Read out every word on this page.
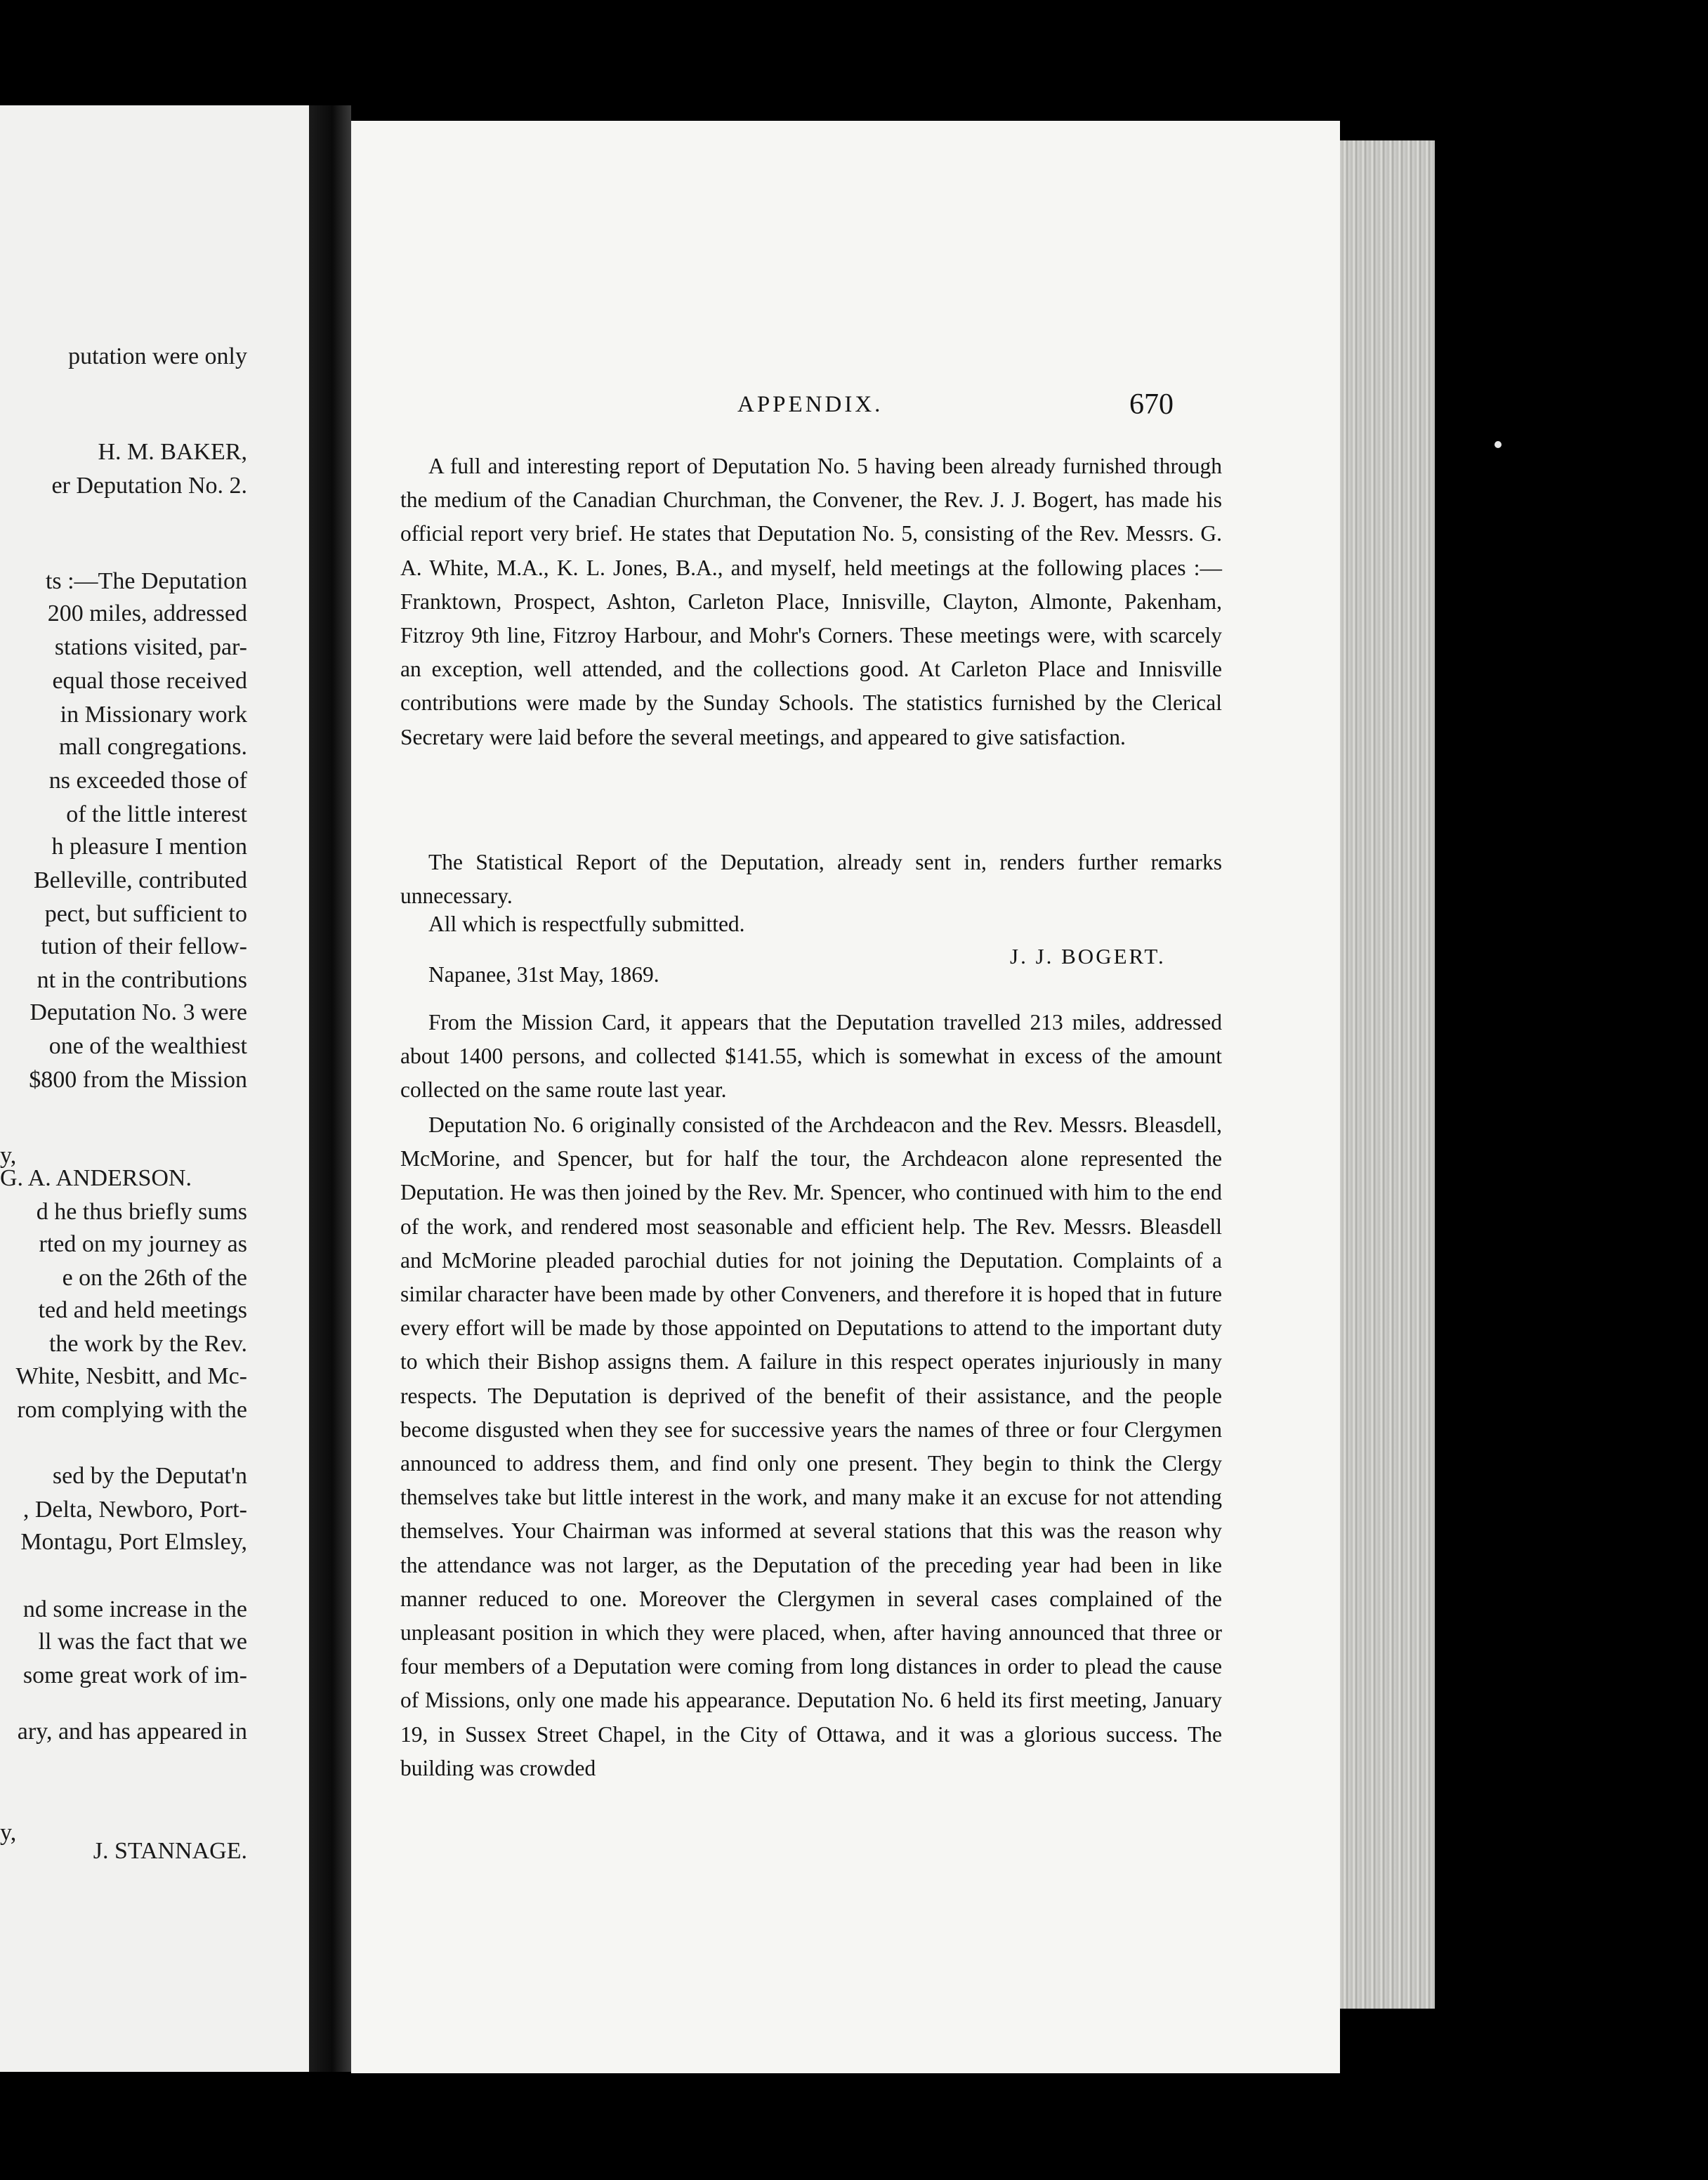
putation were only
H. M. BAKER,
er Deputation No. 2.
ts :—The Deputation
200 miles, addressed
stations visited, par-
equal those received
in Missionary work
mall congregations.
ns exceeded those of
of the little interest
h pleasure I mention
Belleville, contributed
pect, but sufficient to
tution of their fellow-
nt in the contributions
Deputation No. 3 were
one of the wealthiest
$800 from the Mission
y,
G. A. ANDERSON.
d he thus briefly sums
rted on my journey as
e on the 26th of the
ted and held meetings
the work by the Rev.
White, Nesbitt, and Mc-
rom complying with the
sed by the Deputat'n
, Delta, Newboro, Port-
Montagu, Port Elmsley,
nd some increase in the
ll was the fact that we
some great work of im-
ary, and has appeared in
y,
J. STANNAGE.
APPENDIX.	670

A full and interesting report of Deputation No. 5 having been already furnished through the medium of the Canadian Churchman, the Convener, the Rev. J. J. Bogert, has made his official report very brief. He states that Deputation No. 5, consisting of the Rev. Messrs. G. A. White, M.A., K. L. Jones, B.A., and myself, held meetings at the following places :— Franktown, Prospect, Ashton, Carleton Place, Innisville, Clayton, Almonte, Pakenham, Fitzroy 9th line, Fitzroy Harbour, and Mohr's Corners. These meetings were, with scarcely an exception, well attended, and the collections good. At Carleton Place and Innisville contributions were made by the Sunday Schools. The statistics furnished by the Clerical Secretary were laid before the several meetings, and appeared to give satisfaction.

The Statistical Report of the Deputation, already sent in, renders further remarks unnecessary.

All which is respectfully submitted.
J. J. BOGERT.
Napanee, 31st May, 1869.

From the Mission Card, it appears that the Deputation travelled 213 miles, addressed about 1400 persons, and collected $141.55, which is somewhat in excess of the amount collected on the same route last year.

Deputation No. 6 originally consisted of the Archdeacon and the Rev. Messrs. Bleasdell, McMorine, and Spencer, but for half the tour, the Archdeacon alone represented the Deputation. He was then joined by the Rev. Mr. Spencer, who continued with him to the end of the work, and rendered most seasonable and efficient help. The Rev. Messrs. Bleasdell and McMorine pleaded parochial duties for not joining the Deputation. Complaints of a similar character have been made by other Conveners, and therefore it is hoped that in future every effort will be made by those appointed on Deputations to attend to the important duty to which their Bishop assigns them. A failure in this respect operates injuriously in many respects. The Deputation is deprived of the benefit of their assistance, and the people become disgusted when they see for successive years the names of three or four Clergymen announced to address them, and find only one present. They begin to think the Clergy themselves take but little interest in the work, and many make it an excuse for not attending themselves. Your Chairman was informed at several stations that this was the reason why the attendance was not larger, as the Deputation of the preceding year had been in like manner reduced to one. Moreover the Clergymen in several cases complained of the unpleasant position in which they were placed, when, after having announced that three or four members of a Deputation were coming from long distances in order to plead the cause of Missions, only one made his appearance. Deputation No. 6 held its first meeting, January 19, in Sussex Street Chapel, in the City of Ottawa, and it was a glorious success. The building was crowded
